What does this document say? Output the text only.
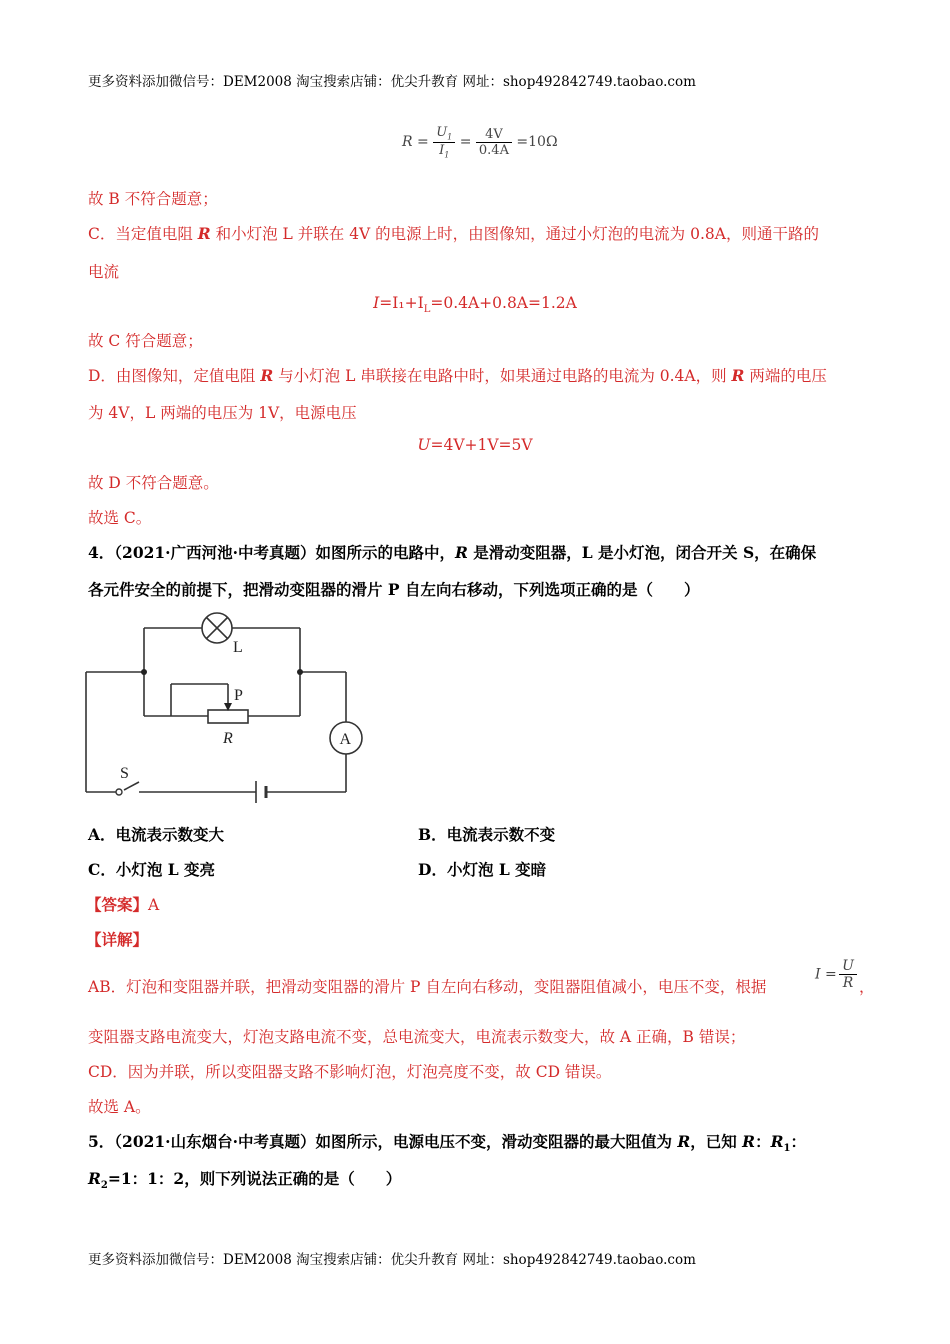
更多资料添加微信号：DEM2008 淘宝搜索店铺：优尖升教育 网址：shop492842749.taobao.com
$R = \frac{U_1}{I_1} = \frac{4V}{0.4A} =10\Omega$
故 B 不符合题意；
C．当定值电阻 R 和小灯泡 L 并联在 4V 的电源上时，由图像知，通过小灯泡的电流为 0.8A，则通干路的
电流
$I=I_1+I_L=0.4A+0.8A=1.2A$
故 C 符合题意；
D．由图像知，定值电阻 R 与小灯泡 L 串联接在电路中时，如果通过电路的电流为 0.4A，则 R 两端的电压
为 4V，L 两端的电压为 1V，电源电压
U=4V+1V=5V
故 D 不符合题意。
故选 C。
4．（2021·广西河池·中考真题）如图所示的电路中，R 是滑动变阻器，L 是小灯泡，闭合开关 S，在确保
各元件安全的前提下，把滑动变阻器的滑片 P 自左向右移动，下列选项正确的是（　　）
L
P
R	A
S
A．电流表示数变大	B．电流表示数不变
C．小灯泡 L 变亮	D．小灯泡 L 变暗
【答案】A
【详解】
AB．灯泡和变阻器并联，把滑动变阻器的滑片 P 自左向右移动，变阻器阻值减小，电压不变，根据
$I = \frac{U}{R}$ ，
变阻器支路电流变大，灯泡支路电流不变，总电流变大，电流表示数变大，故 A 正确，B 错误；
CD．因为并联，所以变阻器支路不影响灯泡，灯泡亮度不变，故 CD 错误。
故选 A。
5．（2021·山东烟台·中考真题）如图所示，电源电压不变，滑动变阻器的最大阻值为 R，已知 R：$R_1$：
$R_2=1$：1：2，则下列说法正确的是（　　）
更多资料添加微信号：DEM2008 淘宝搜索店铺：优尖升教育 网址：shop492842749.taobao.com
